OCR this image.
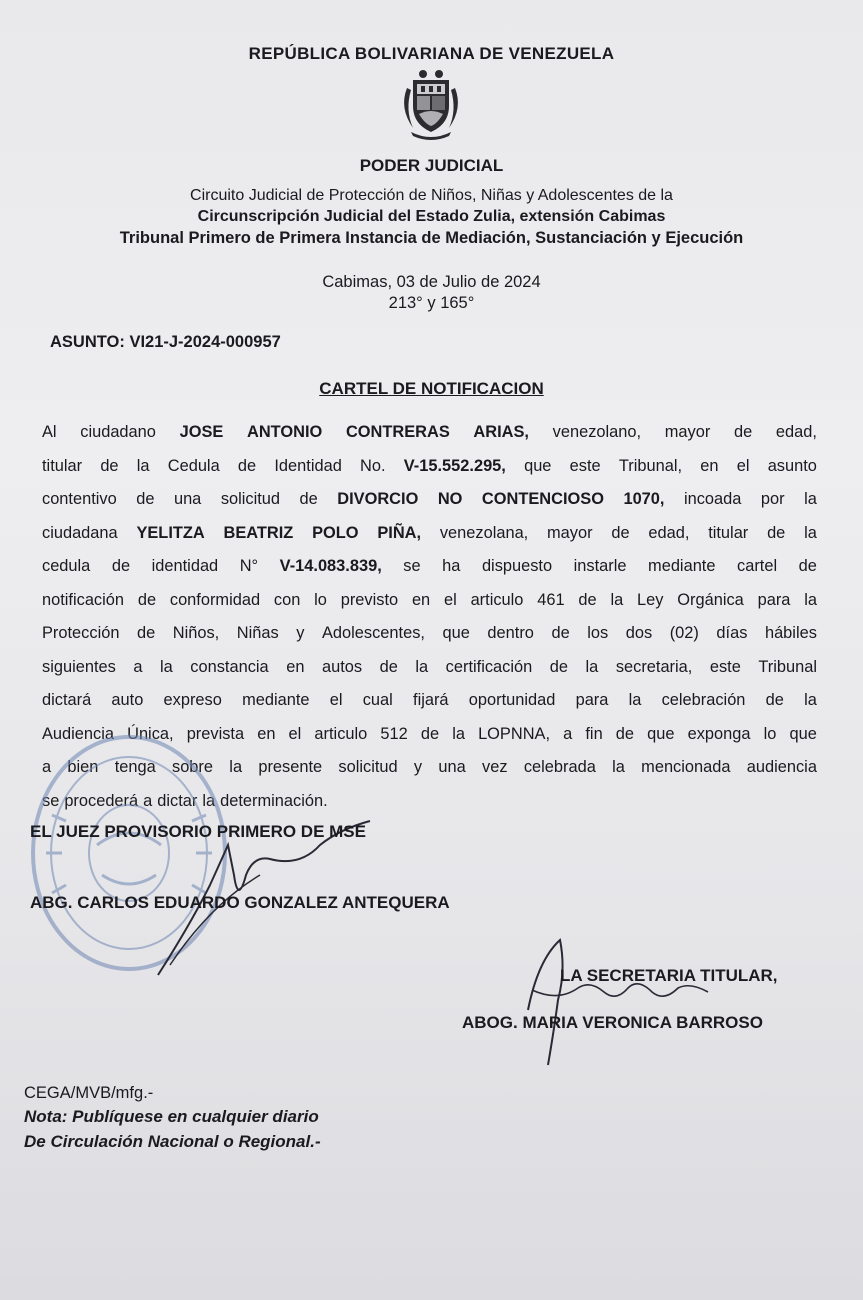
REPÚBLICA BOLIVARIANA DE VENEZUELA
PODER JUDICIAL
Circuito Judicial de Protección de Niños, Niñas y Adolescentes de la
Circunscripción Judicial del Estado Zulia, extensión Cabimas
Tribunal Primero de Primera Instancia de Mediación, Sustanciación y Ejecución
Cabimas, 03 de Julio de 2024
213° y 165°
ASUNTO: VI21-J-2024-000957
CARTEL DE NOTIFICACION
Al ciudadano JOSE ANTONIO CONTRERAS ARIAS, venezolano, mayor de edad,
titular de la Cedula de Identidad No. V-15.552.295, que este Tribunal, en el asunto
contentivo de una solicitud de DIVORCIO NO CONTENCIOSO 1070, incoada por la
ciudadana YELITZA BEATRIZ POLO PIÑA, venezolana, mayor de edad, titular de la
cedula de identidad N° V-14.083.839, se ha dispuesto instarle mediante cartel de
notificación de conformidad con lo previsto en el articulo 461 de la Ley Orgánica para la
Protección de Niños, Niñas y Adolescentes, que dentro de los dos (02) días hábiles
siguientes a la constancia en autos de la certificación de la secretaria, este Tribunal
dictará auto expreso mediante el cual fijará oportunidad para la celebración de la
Audiencia Única, prevista en el articulo 512 de la LOPNNA, a fin de que exponga lo que
a bien tenga sobre la presente solicitud y una vez celebrada la mencionada audiencia
se procederá a dictar la determinación.
EL JUEZ PROVISORIO PRIMERO DE MSE
ABG. CARLOS EDUARDO GONZALEZ ANTEQUERA
LA SECRETARIA TITULAR,
ABOG. MARIA VERONICA BARROSO
CEGA/MVB/mfg.-
Nota: Publíquese en cualquier diario
De Circulación Nacional o Regional.-
